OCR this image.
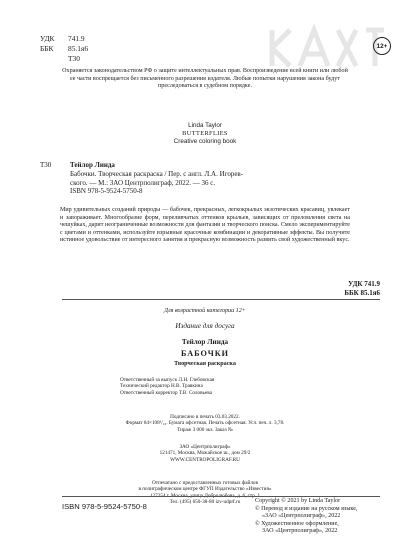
УДК 741.9
ББК 85.1я6
Т30
12+
Охраняется законодательством РФ о защите интеллектуальных прав. Воспроизведение всей книги или любой ее части воспрещается без письменного разрешения издателя. Любые попытки нарушения закона будут преследоваться в судебном порядке.
Linda Taylor
BUTTERFLIES
Creative coloring book
Т30	Тейлор Линда
Бабочки. Творческая раскраска / Пер. с англ. Л.А. Игорев-
ского. — М.: ЗАО Центрполиграф, 2022. — 36 с.
ISBN 978-5-9524-5750-8
Мир удивительных созданий природы — бабочек, прекрасных, легкокрылых экзотических красавиц, увлекает и завораживает. Многообразие форм, переливчатых оттенков крыльев, зависящих от преломления света на чешуйках, дарит неограниченные возможности для фантазии и творческого поиска. Смело экспериментируйте с цветами и оттенками, используйте взрывные красочные комбинации и декоративные эффекты. Вы получите истинное удовольствие от интересного занятия и прекрасную возможность развить свой художественный вкус.
УДК 741.9
ББК 85.1я6
Для возрастной категории 12+
Издание для досуга
Тейлор Линда
БАБОЧКИ
Творческая раскраска
Ответственный за выпуск Л.Н. Глебовская
Технический редактор Н.В. Травкина
Ответственный корректор Т.В. Соловьева
Подписано в печать 03.03.2022.
Формат 84×108¹/₁₆. Бумага офсетная. Печать офсетная. Усл. печ. л. 3,78.
Тираж 3 000 экз. Заказ №
ЗАО «Центрполиграф»
121471, Москва, Можайское ш., дом 29/2
WWW.CENTROPOLIGRAF.RU
Отпечатано с предоставленных готовых файлов
в полиграфическом центре ФГУП Издательство «Известия»
127254 г. Москва, улица Добролюбова, д. 6, стр. 1
Тел. (495) 650-38-80 izv-udprf.ru
ISBN 978-5-9524-5750-8
Copyright © 2021 by Linda Taylor
© Перевод и издание на русском языке,
«ЗАО «Центрполиграф», 2022
© Художественное оформление,
ЗАО «Центрполиграф», 2022
